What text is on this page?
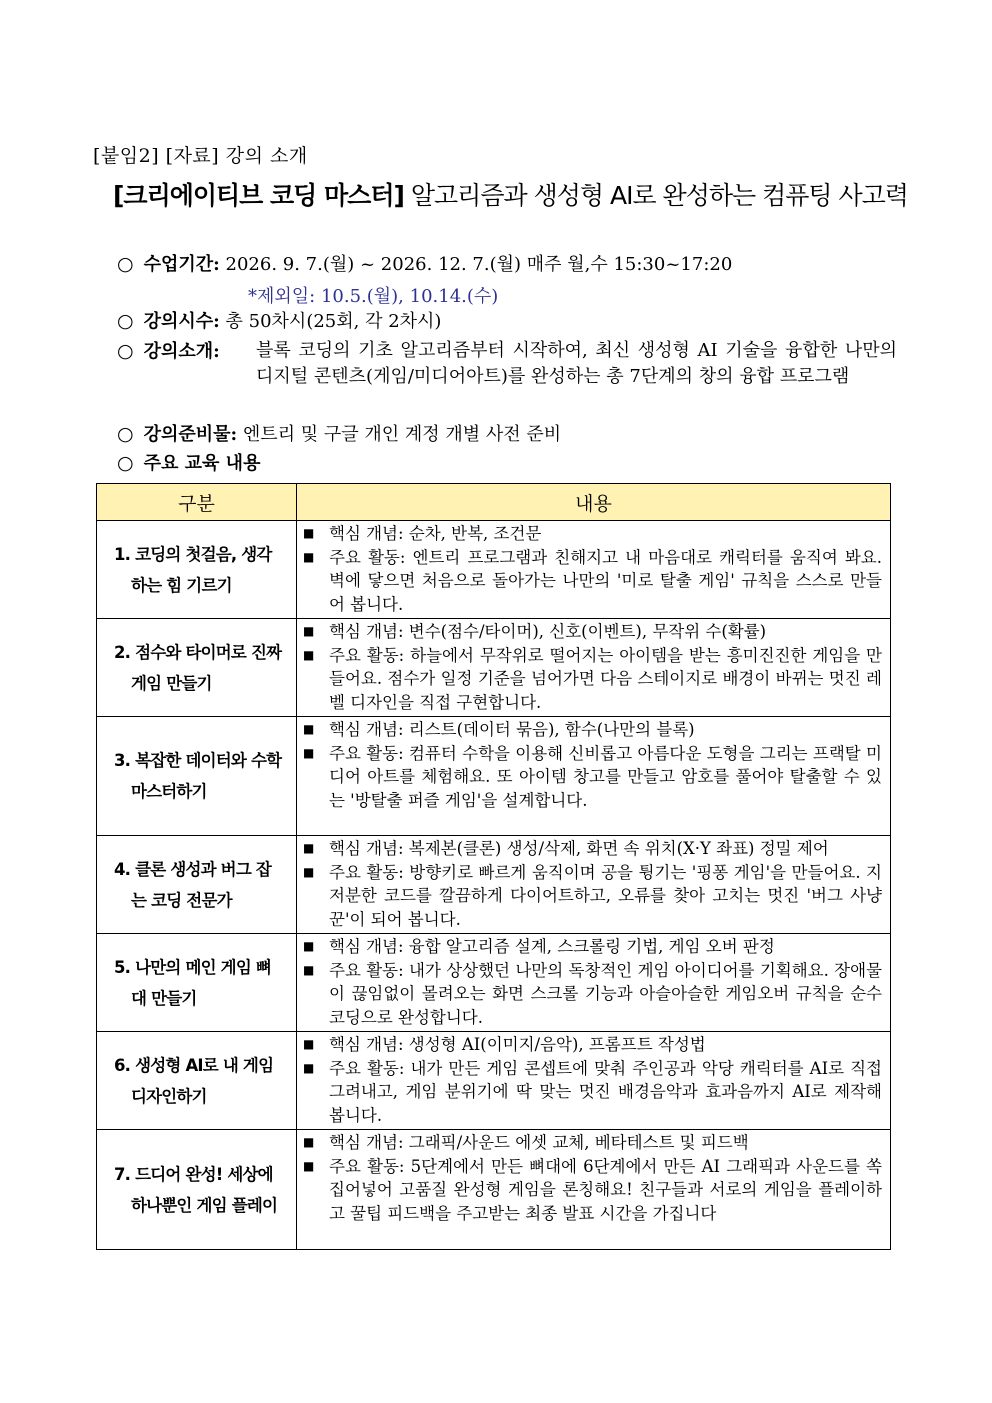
[붙임2] [자료] 강의 소개
[크리에이티브 코딩 마스터] 알고리즘과 생성형 AI로 완성하는 컴퓨팅 사고력
○ 수업기간: 2026. 9. 7.(월) ~ 2026. 12. 7.(월) 매주 월,수 15:30~17:20
*제외일: 10.5.(월), 10.14.(수)
○ 강의시수: 총 50차시(25회, 각 2차시)
○ 강의소개: 블록 코딩의 기초 알고리즘부터 시작하여, 최신 생성형 AI 기술을 융합한 나만의 디지털 콘텐츠(게임/미디어아트)를 완성하는 총 7단계의 창의 융합 프로그램
○ 강의준비물: 엔트리 및 구글 개인 계정 개별 사전 준비
○ 주요 교육 내용
구분	내용

1. 코딩의 첫걸음, 생각하는 힘 기르기	■ 핵심 개념: 순차, 반복, 조건문
■ 주요 활동: 엔트리 프로그램과 친해지고 내 마음대로 캐릭터를 움직여 봐요. 벽에 닿으면 처음으로 돌아가는 나만의 '미로 탈출 게임' 규칙을 스스로 만들어 봅니다.

2. 점수와 타이머로 진짜 게임 만들기	■ 핵심 개념: 변수(점수/타이머), 신호(이벤트), 무작위 수(확률)
■ 주요 활동: 하늘에서 무작위로 떨어지는 아이템을 받는 흥미진진한 게임을 만들어요. 점수가 일정 기준을 넘어가면 다음 스테이지로 배경이 바뀌는 멋진 레벨 디자인을 직접 구현합니다.

3. 복잡한 데이터와 수학 마스터하기	■ 핵심 개념: 리스트(데이터 묶음), 함수(나만의 블록)
■ 주요 활동: 컴퓨터 수학을 이용해 신비롭고 아름다운 도형을 그리는 프랙탈 미디어 아트를 체험해요. 또 아이템 창고를 만들고 암호를 풀어야 탈출할 수 있는 '방탈출 퍼즐 게임'을 설계합니다.

4. 클론 생성과 버그 잡는 코딩 전문가	■ 핵심 개념: 복제본(클론) 생성/삭제, 화면 속 위치(X·Y 좌표) 정밀 제어
■ 주요 활동: 방향키로 빠르게 움직이며 공을 튕기는 '핑퐁 게임'을 만들어요. 지저분한 코드를 깔끔하게 다이어트하고, 오류를 찾아 고치는 멋진 '버그 사냥꾼'이 되어 봅니다.

5. 나만의 메인 게임 뼈대 만들기	■ 핵심 개념: 융합 알고리즘 설계, 스크롤링 기법, 게임 오버 판정
■ 주요 활동: 내가 상상했던 나만의 독창적인 게임 아이디어를 기획해요. 장애물이 끊임없이 몰려오는 화면 스크롤 기능과 아슬아슬한 게임오버 규칙을 순수 코딩으로 완성합니다.

6. 생성형 AI로 내 게임 디자인하기	■ 핵심 개념: 생성형 AI(이미지/음악), 프롬프트 작성법
■ 주요 활동: 내가 만든 게임 콘셉트에 맞춰 주인공과 악당 캐릭터를 AI로 직접 그려내고, 게임 분위기에 딱 맞는 멋진 배경음악과 효과음까지 AI로 제작해 봅니다.

7. 드디어 완성! 세상에 하나뿐인 게임 플레이	■ 핵심 개념: 그래픽/사운드 에셋 교체, 베타테스트 및 피드백
■ 주요 활동: 5단계에서 만든 뼈대에 6단계에서 만든 AI 그래픽과 사운드를 쏙 집어넣어 고품질 완성형 게임을 론칭해요! 친구들과 서로의 게임을 플레이하고 꿀팁 피드백을 주고받는 최종 발표 시간을 가집니다
